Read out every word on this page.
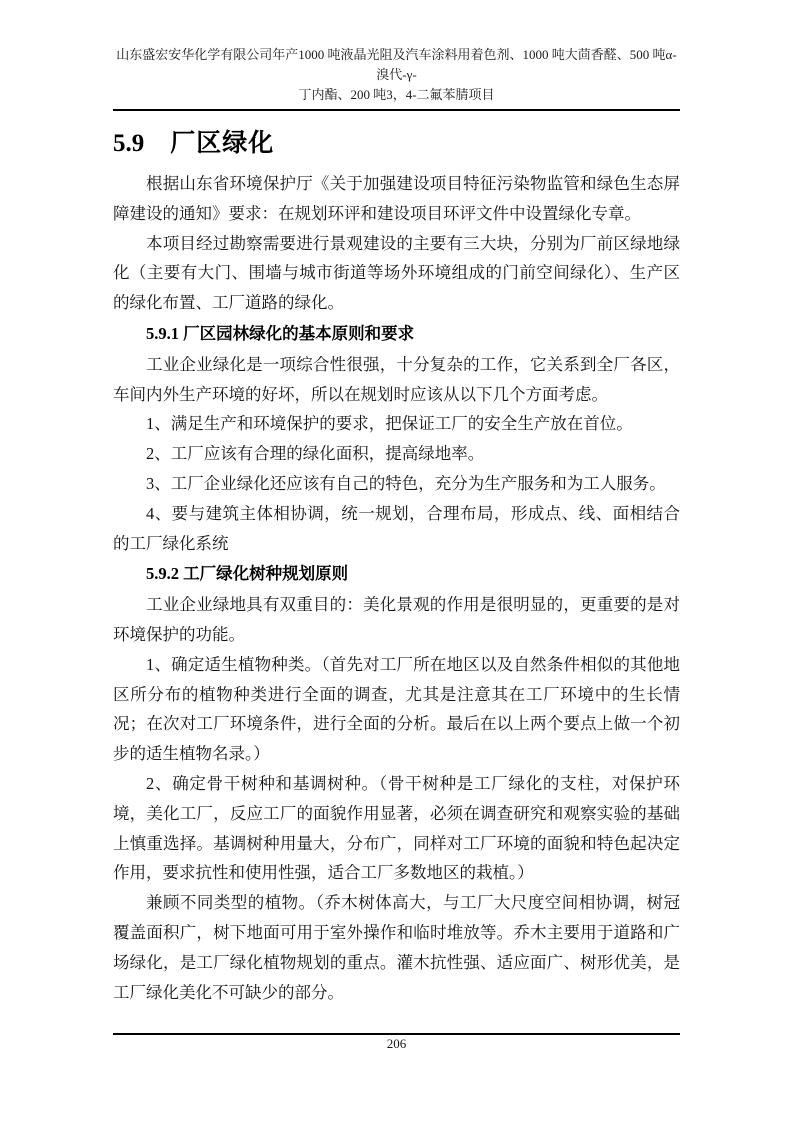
山东盛宏安华化学有限公司年产1000 吨液晶光阻及汽车涂料用着色剂、1000 吨大茴香醛、500 吨α-溴代-γ-
丁内酯、200 吨3，4-二氟苯腈项目
5.9 厂区绿化

根据山东省环境保护厅《关于加强建设项目特征污染物监管和绿色生态屏障建设的通知》要求：在规划环评和建设项目环评文件中设置绿化专章。

本项目经过勘察需要进行景观建设的主要有三大块，分别为厂前区绿地绿化（主要有大门、围墙与城市街道等场外环境组成的门前空间绿化）、生产区的绿化布置、工厂道路的绿化。

5.9.1 厂区园林绿化的基本原则和要求

工业企业绿化是一项综合性很强，十分复杂的工作，它关系到全厂各区，车间内外生产环境的好坏，所以在规划时应该从以下几个方面考虑。

1、满足生产和环境保护的要求，把保证工厂的安全生产放在首位。

2、工厂应该有合理的绿化面积，提高绿地率。

3、工厂企业绿化还应该有自己的特色，充分为生产服务和为工人服务。

4、要与建筑主体相协调，统一规划，合理布局，形成点、线、面相结合的工厂绿化系统

5.9.2 工厂绿化树种规划原则

工业企业绿地具有双重目的：美化景观的作用是很明显的，更重要的是对环境保护的功能。

1、确定适生植物种类。（首先对工厂所在地区以及自然条件相似的其他地区所分布的植物种类进行全面的调查，尤其是注意其在工厂环境中的生长情况；在次对工厂环境条件，进行全面的分析。最后在以上两个要点上做一个初步的适生植物名录。）

2、确定骨干树种和基调树种。（骨干树种是工厂绿化的支柱，对保护环境，美化工厂，反应工厂的面貌作用显著，必须在调查研究和观察实验的基础上慎重选择。基调树种用量大，分布广，同样对工厂环境的面貌和特色起决定作用，要求抗性和使用性强，适合工厂多数地区的栽植。）

兼顾不同类型的植物。（乔木树体高大，与工厂大尺度空间相协调，树冠覆盖面积广，树下地面可用于室外操作和临时堆放等。乔木主要用于道路和广场绿化，是工厂绿化植物规划的重点。灌木抗性强、适应面广、树形优美，是工厂绿化美化不可缺少的部分。

206
